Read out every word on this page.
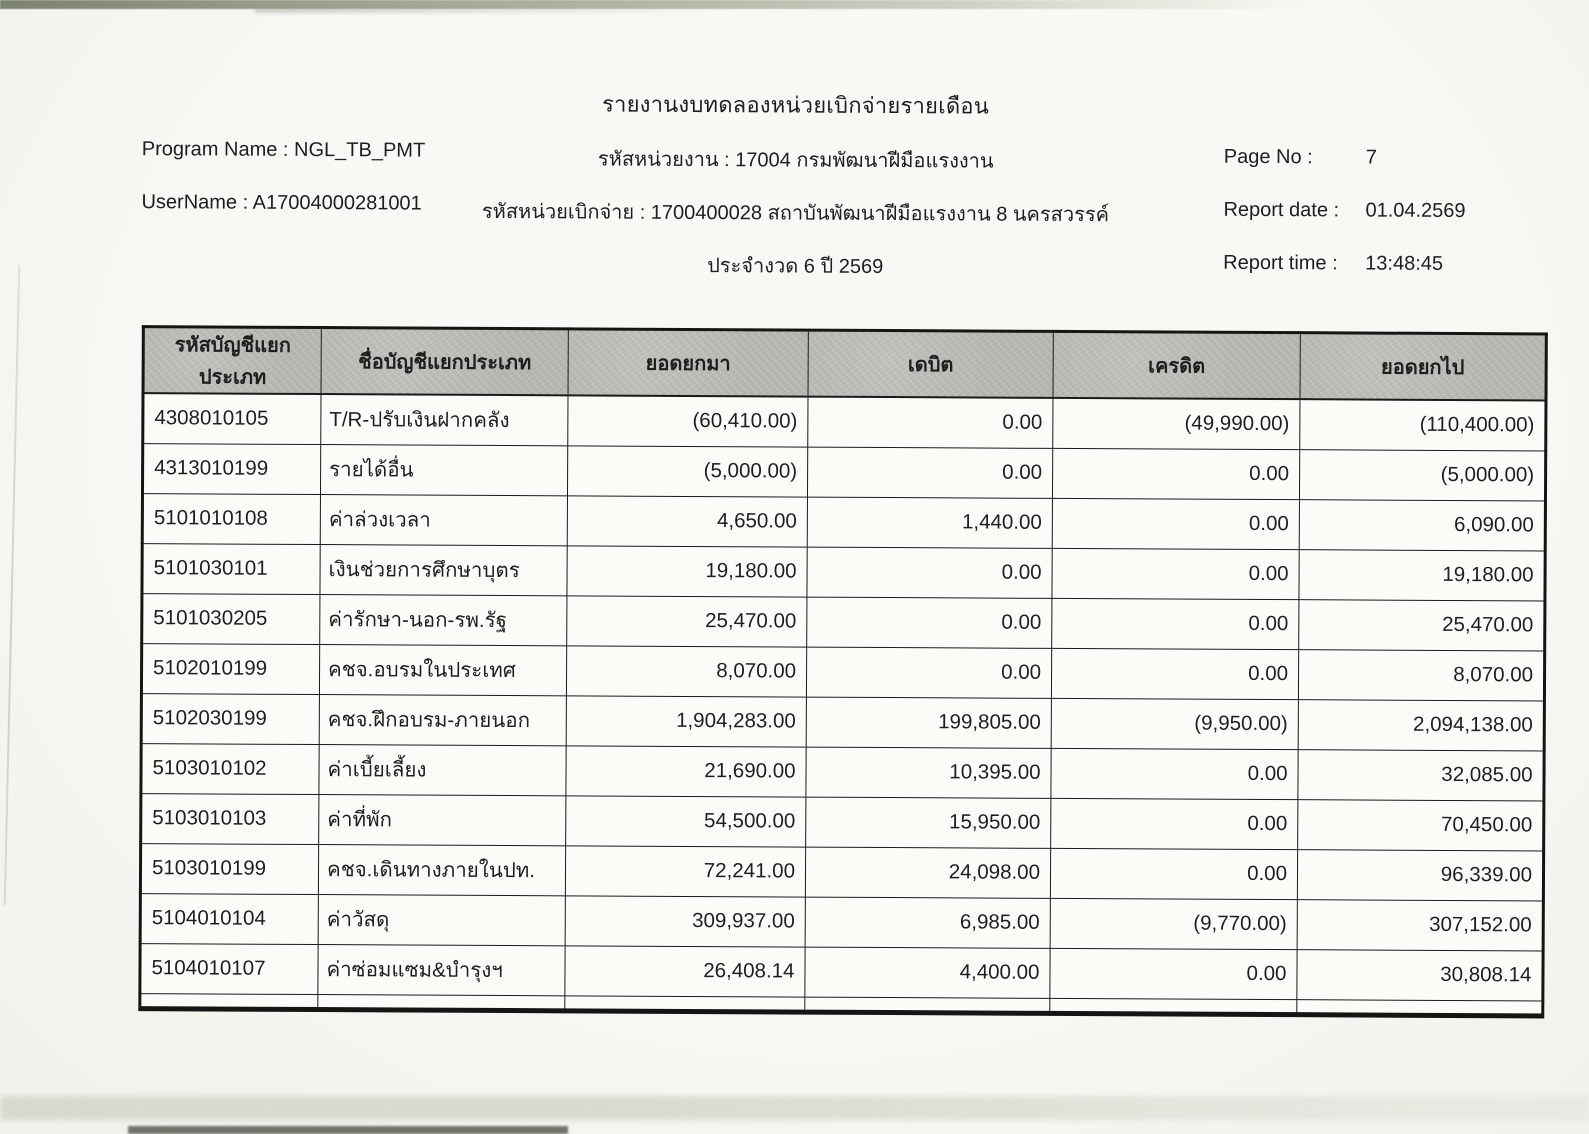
รายงานงบทดลองหน่วยเบิกจ่ายรายเดือน
Program Name : NGL_TB_PMT
UserName : A17004000281001
รหัสหน่วยงาน : 17004 กรมพัฒนาฝีมือแรงงาน
รหัสหน่วยเบิกจ่าย : 1700400028 สถาบันพัฒนาฝีมือแรงงาน 8 นครสวรรค์
ประจำงวด 6 ปี 2569
Page No :	7
Report date :	01.04.2569
Report time :	13:48:45
รหัสบัญชีแยกประเภท	ชื่อบัญชีแยกประเภท	ยอดยกมา	เดบิต	เครดิต	ยอดยกไป
4308010105	T/R-ปรับเงินฝากคลัง	(60,410.00)	0.00	(49,990.00)	(110,400.00)
4313010199	รายได้อื่น	(5,000.00)	0.00	0.00	(5,000.00)
5101010108	ค่าล่วงเวลา	4,650.00	1,440.00	0.00	6,090.00
5101030101	เงินช่วยการศึกษาบุตร	19,180.00	0.00	0.00	19,180.00
5101030205	ค่ารักษา-นอก-รพ.รัฐ	25,470.00	0.00	0.00	25,470.00
5102010199	คชจ.อบรมในประเทศ	8,070.00	0.00	0.00	8,070.00
5102030199	คชจ.ฝึกอบรม-ภายนอก	1,904,283.00	199,805.00	(9,950.00)	2,094,138.00
5103010102	ค่าเบี้ยเลี้ยง	21,690.00	10,395.00	0.00	32,085.00
5103010103	ค่าที่พัก	54,500.00	15,950.00	0.00	70,450.00
5103010199	คชจ.เดินทางภายในปท.	72,241.00	24,098.00	0.00	96,339.00
5104010104	ค่าวัสดุ	309,937.00	6,985.00	(9,770.00)	307,152.00
5104010107	ค่าซ่อมแซม&บำรุงฯ	26,408.14	4,400.00	0.00	30,808.14
